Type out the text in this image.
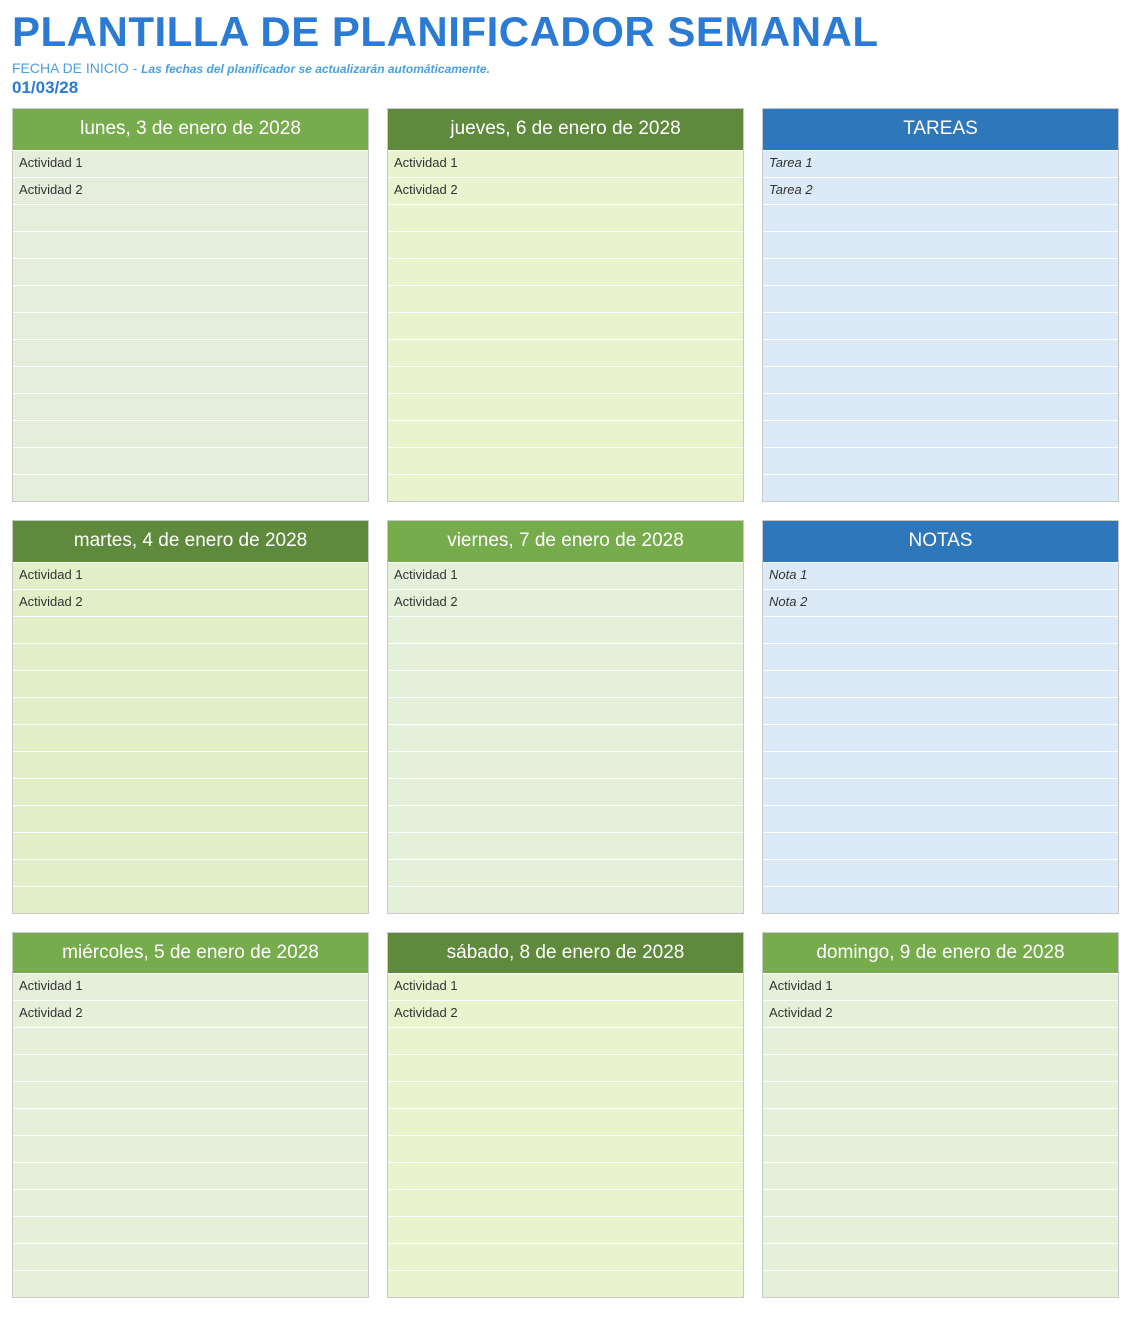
PLANTILLA DE PLANIFICADOR SEMANAL
FECHA DE INICIO - Las fechas del planificador se actualizarán automáticamente.
01/03/28
lunes, 3 de enero de 2028
Actividad 1
Actividad 2
jueves, 6 de enero de 2028
Actividad 1
Actividad 2
TAREAS
Tarea 1
Tarea 2
martes, 4 de enero de 2028
Actividad 1
Actividad 2
viernes, 7 de enero de 2028
Actividad 1
Actividad 2
NOTAS
Nota 1
Nota 2
miércoles, 5 de enero de 2028
Actividad 1
Actividad 2
sábado, 8 de enero de 2028
Actividad 1
Actividad 2
domingo, 9 de enero de 2028
Actividad 1
Actividad 2
